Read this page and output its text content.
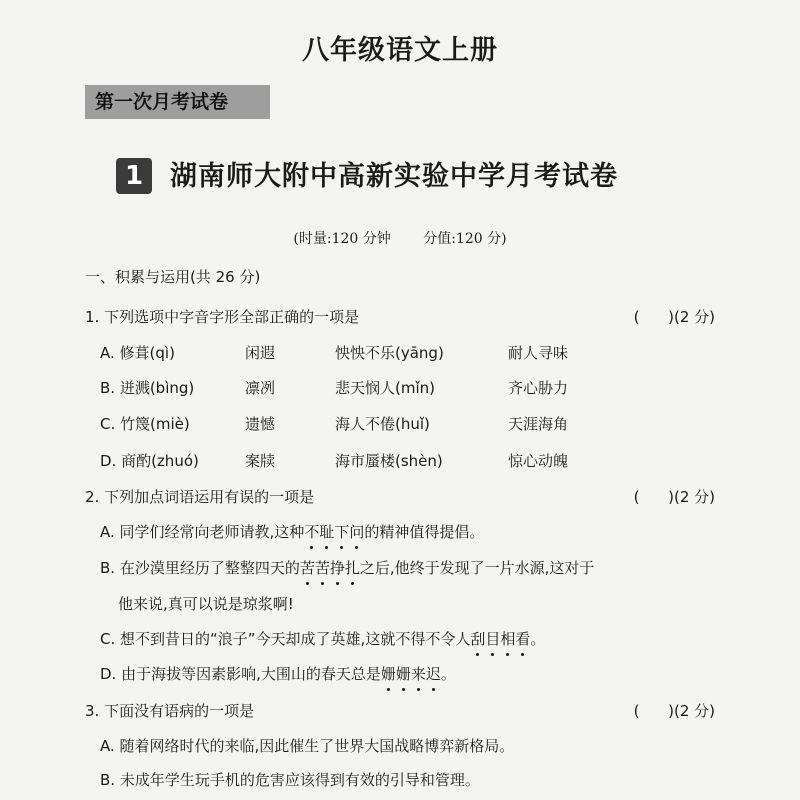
八年级语文上册
第一次月考试卷
1 湖南师大附中高新实验中学月考试卷
(时量:120 分钟 分值:120 分)
一、积累与运用(共 26 分)
1. 下列选项中字音字形全部正确的一项是	(      )(2 分)
A. 修葺(qì)	闲遐	怏怏不乐(yāng)	耐人寻味
B. 迸溅(bìng)	凛冽	悲天悯人(mǐn)	齐心胁力
C. 竹篾(miè)	遗憾	海人不倦(huǐ)	天涯海角
D. 商酌(zhuó)	案牍	海市蜃楼(shèn)	惊心动魄
2. 下列加点词语运用有误的一项是	(      )(2 分)
A. 同学们经常向老师请教,这种不耻下问的精神值得提倡。
B. 在沙漠里经历了整整四天的苦苦挣扎之后,他终于发现了一片水源,这对于
他来说,真可以说是琼浆啊!
C. 想不到昔日的“浪子”今天却成了英雄,这就不得不令人刮目相看。
D. 由于海拔等因素影响,大围山的春天总是姗姗来迟。
3. 下面没有语病的一项是	(      )(2 分)
A. 随着网络时代的来临,因此催生了世界大国战略博弈新格局。
B. 未成年学生玩手机的危害应该得到有效的引导和管理。
